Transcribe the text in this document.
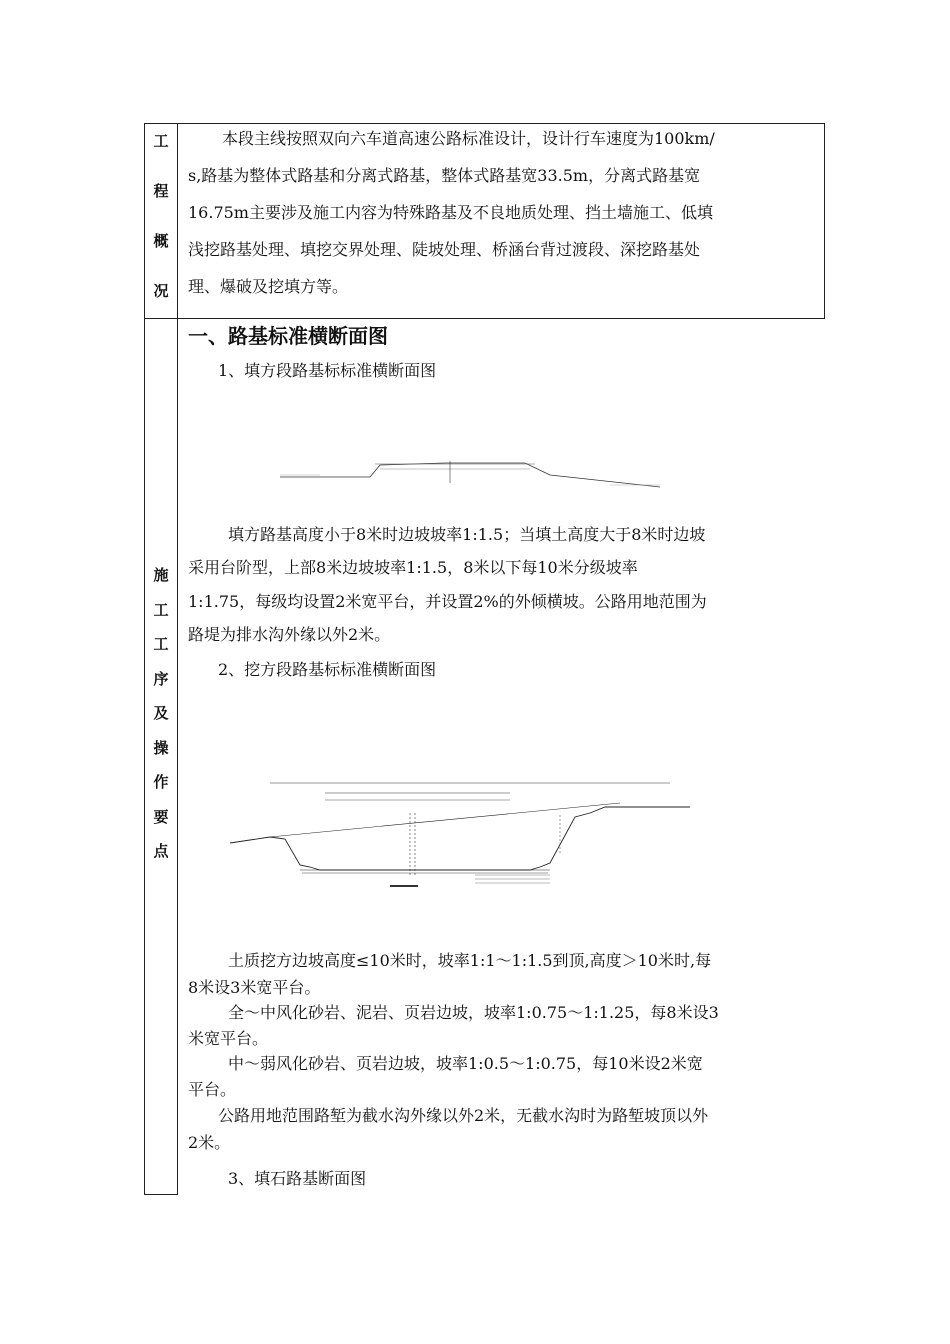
工
程
概
况
本段主线按照双向六车道高速公路标准设计，设计行车速度为100km/
s,路基为整体式路基和分离式路基，整体式路基宽33.5m，分离式路基宽
16.75m主要涉及施工内容为特殊路基及不良地质处理、挡土墙施工、低填
浅挖路基处理、填挖交界处理、陡坡处理、桥涵台背过渡段、深挖路基处
理、爆破及挖填方等。
施
工
工
序
及
操
作
要
点
一、路基标准横断面图
1、填方段路基标标准横断面图
填方路基高度小于8米时边坡坡率1:1.5；当填土高度大于8米时边坡
采用台阶型，上部8米边坡坡率1:1.5，8米以下每10米分级坡率
1:1.75，每级均设置2米宽平台，并设置2%的外倾横坡。公路用地范围为
路堤为排水沟外缘以外2米。
2、挖方段路基标标准横断面图
土质挖方边坡高度≤10米时，坡率1:1～1:1.5到顶,高度＞10米时,每
8米设3米宽平台。
全～中风化砂岩、泥岩、页岩边坡，坡率1:0.75～1:1.25，每8米设3
米宽平台。
中～弱风化砂岩、页岩边坡，坡率1:0.5～1:0.75，每10米设2米宽
平台。
公路用地范围路堑为截水沟外缘以外2米，无截水沟时为路堑坡顶以外
2米。
3、填石路基断面图
